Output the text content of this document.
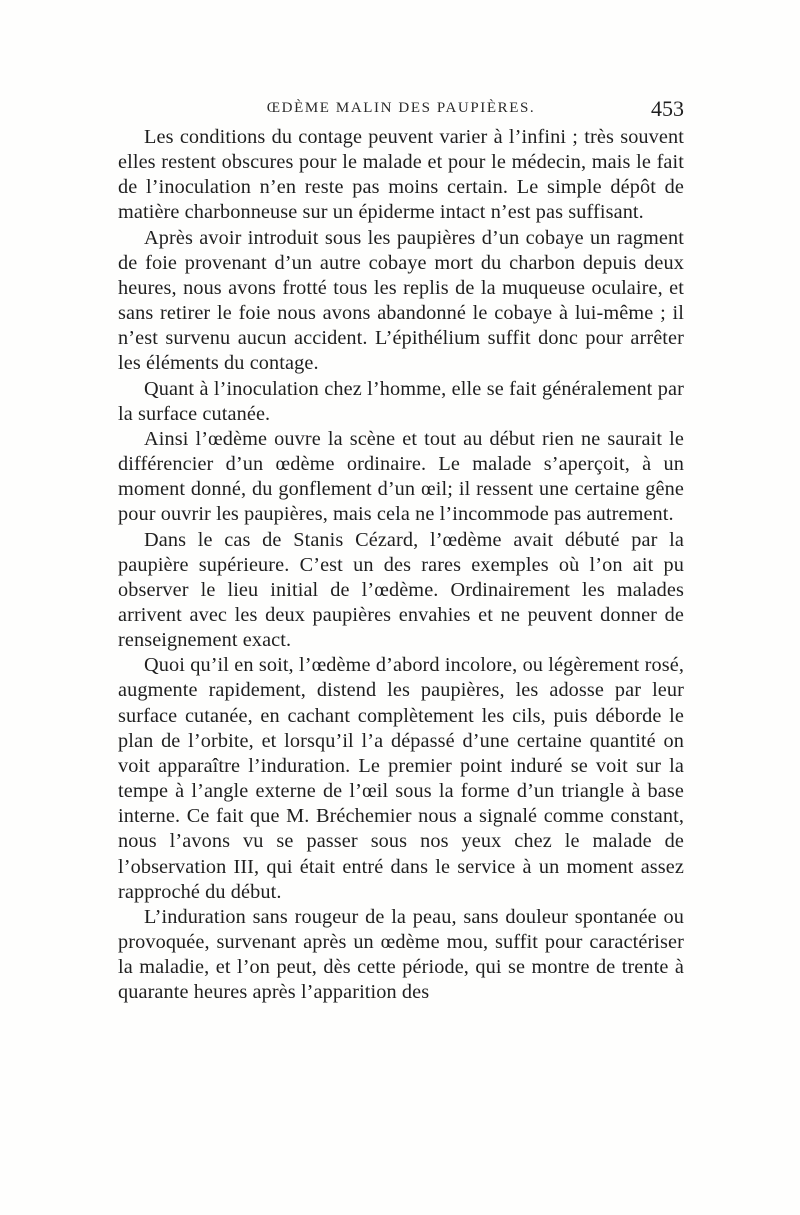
ŒDÈME MALIN DES PAUPIÈRES.	453

Les conditions du contage peuvent varier à l’infini ; très souvent elles restent obscures pour le malade et pour le médecin, mais le fait de l’inoculation n’en reste pas moins certain. Le simple dépôt de matière charbonneuse sur un épiderme intact n’est pas suffisant.

Après avoir introduit sous les paupières d’un cobaye un ragment de foie provenant d’un autre cobaye mort du charbon depuis deux heures, nous avons frotté tous les replis de la muqueuse oculaire, et sans retirer le foie nous avons abandonné le cobaye à lui-même ; il n’est survenu aucun accident. L’épithélium suffit donc pour arrêter les éléments du contage.

Quant à l’inoculation chez l’homme, elle se fait généralement par la surface cutanée.

Ainsi l’œdème ouvre la scène et tout au début rien ne saurait le différencier d’un œdème ordinaire. Le malade s’aperçoit, à un moment donné, du gonflement d’un œil; il ressent une certaine gêne pour ouvrir les paupières, mais cela ne l’incommode pas autrement.

Dans le cas de Stanis Cézard, l’œdème avait débuté par la paupière supérieure. C’est un des rares exemples où l’on ait pu observer le lieu initial de l’œdème. Ordinairement les malades arrivent avec les deux paupières envahies et ne peuvent donner de renseignement exact.

Quoi qu’il en soit, l’œdème d’abord incolore, ou légèrement rosé, augmente rapidement, distend les paupières, les adosse par leur surface cutanée, en cachant complètement les cils, puis déborde le plan de l’orbite, et lorsqu’il l’a dépassé d’une certaine quantité on voit apparaître l’induration. Le premier point induré se voit sur la tempe à l’angle externe de l’œil sous la forme d’un triangle à base interne. Ce fait que M. Bréchemier nous a signalé comme constant, nous l’avons vu se passer sous nos yeux chez le malade de l’observation III, qui était entré dans le service à un moment assez rapproché du début.

L’induration sans rougeur de la peau, sans douleur spontanée ou provoquée, survenant après un œdème mou, suffit pour caractériser la maladie, et l’on peut, dès cette période, qui se montre de trente à quarante heures après l’apparition des
